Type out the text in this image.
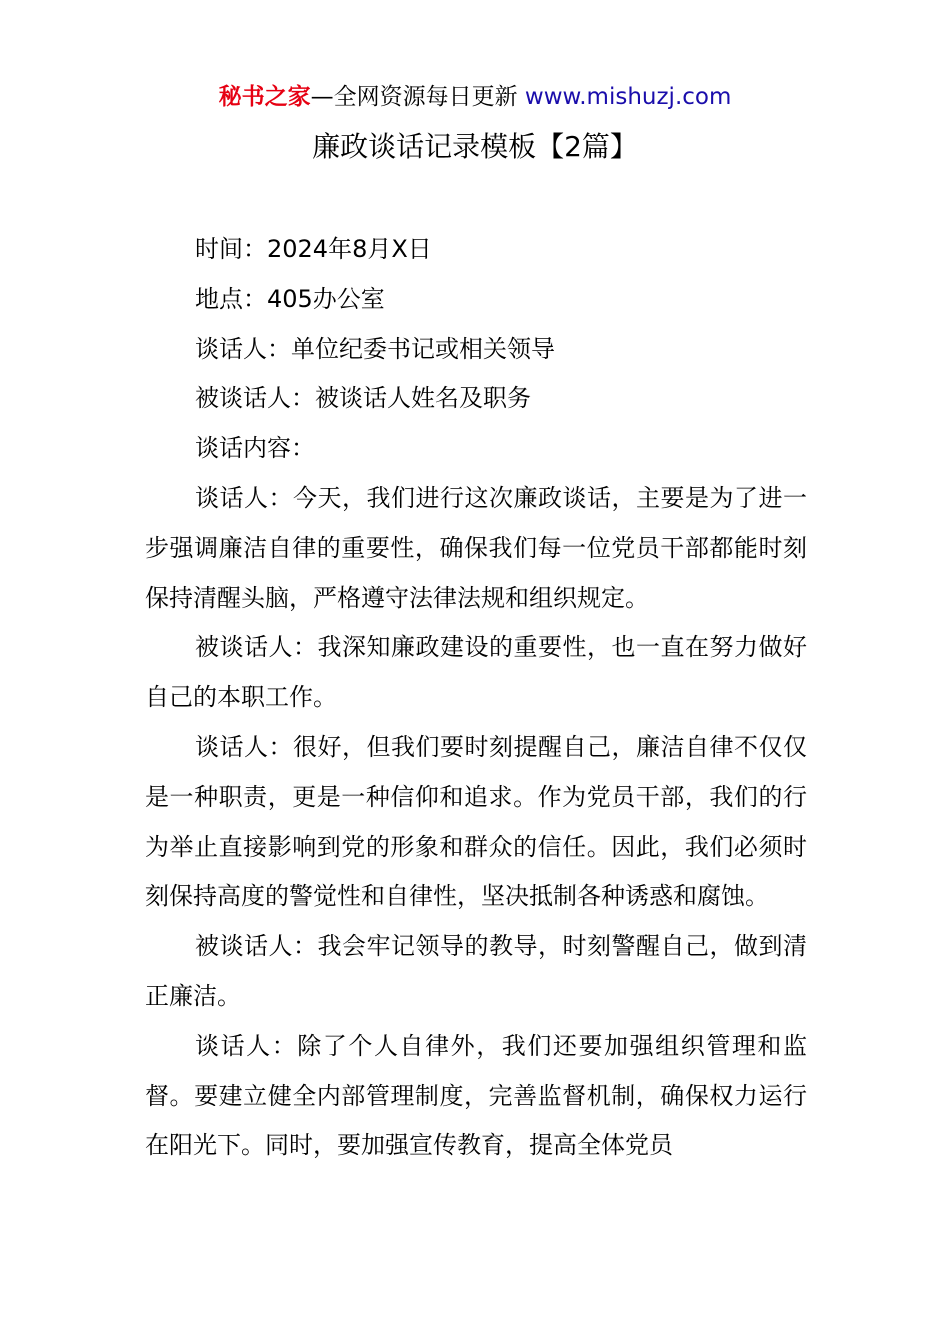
秘书之家—全网资源每日更新 www.mishuzj.com
廉政谈话记录模板【2篇】

时间：2024年8月X日

地点：405办公室

谈话人：单位纪委书记或相关领导

被谈话人：被谈话人姓名及职务

谈话内容：

谈话人：今天，我们进行这次廉政谈话，主要是为了进一步强调廉洁自律的重要性，确保我们每一位党员干部都能时刻保持清醒头脑，严格遵守法律法规和组织规定。

被谈话人：我深知廉政建设的重要性，也一直在努力做好自己的本职工作。

谈话人：很好，但我们要时刻提醒自己，廉洁自律不仅仅是一种职责，更是一种信仰和追求。作为党员干部，我们的行为举止直接影响到党的形象和群众的信任。因此，我们必须时刻保持高度的警觉性和自律性，坚决抵制各种诱惑和腐蚀。

被谈话人：我会牢记领导的教导，时刻警醒自己，做到清正廉洁。

谈话人：除了个人自律外，我们还要加强组织管理和监督。要建立健全内部管理制度，完善监督机制，确保权力运行在阳光下。同时，要加强宣传教育，提高全体党员
